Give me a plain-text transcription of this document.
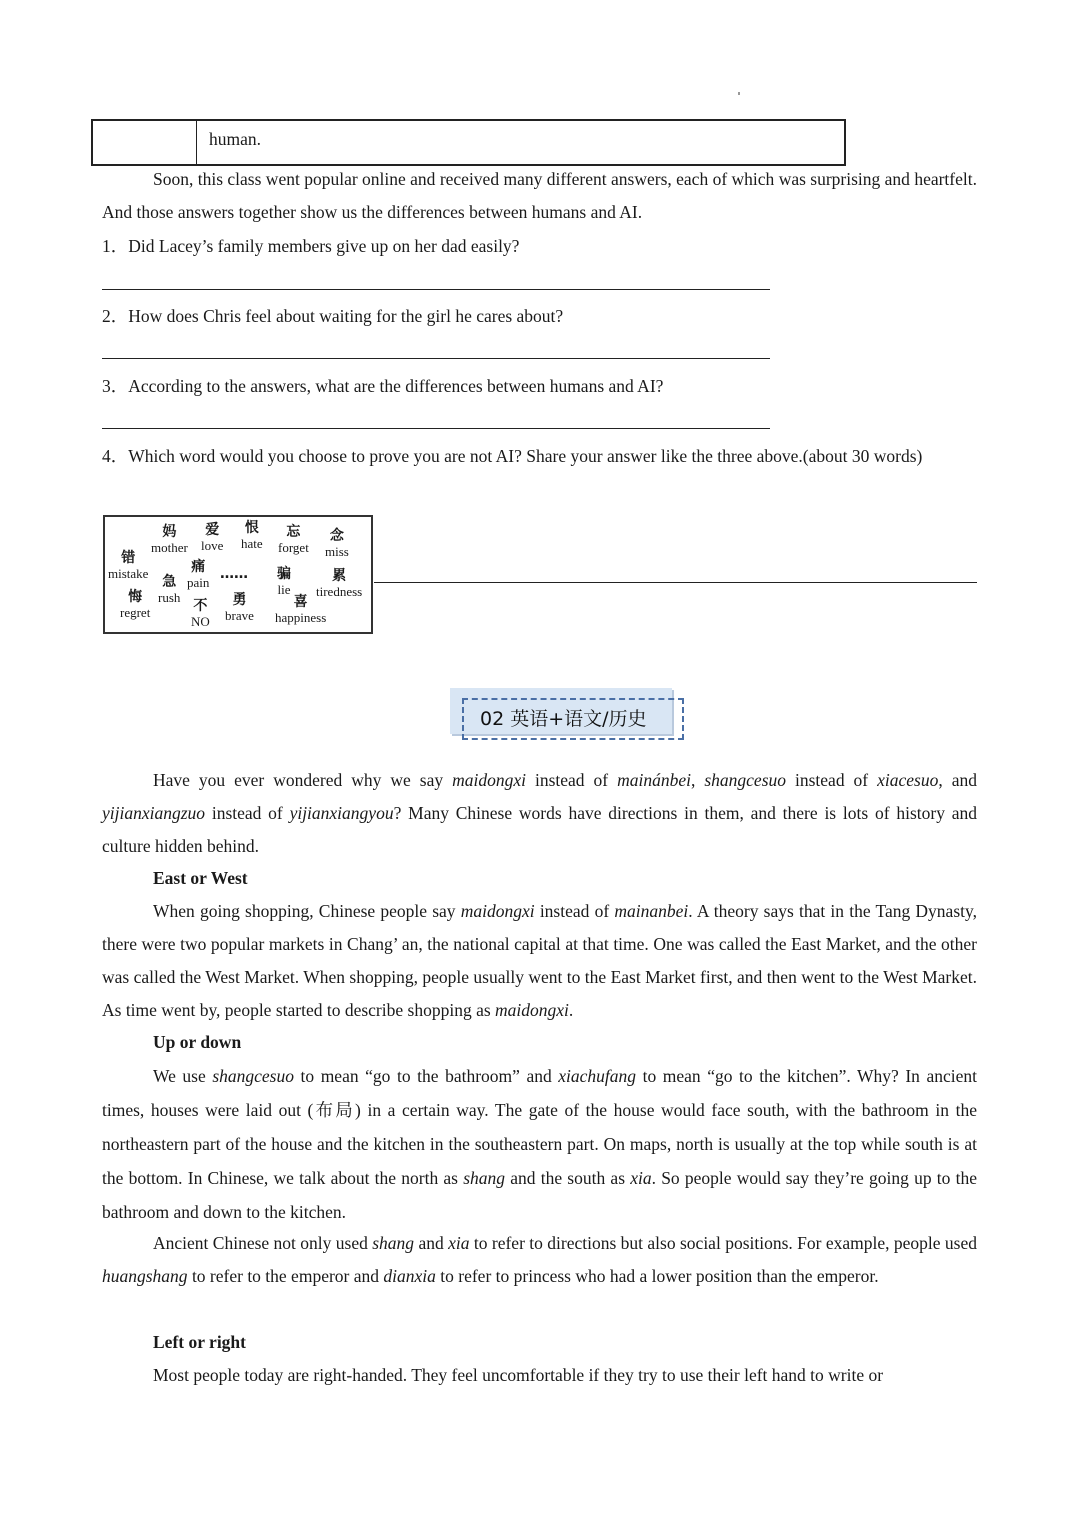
human.

Soon, this class went popular online and received many different answers, each of which was surprising and heartfelt. And those answers together show us the differences between humans and AI.

1．Did Lacey’s family members give up on her dad easily?

2．How does Chris feel about waiting for the girl he cares about?

3．According to the answers, what are the differences between humans and AI?

4．Which word would you choose to prove you are not AI? Share your answer like the three above.(about 30 words)

妈
mother
爱
love
恨
hate
忘
forget
念
miss
错
mistake	痛
pain
急
rush
…… 骗
lie
累
tiredness
悔
regret	不
NO
勇
brave
喜
happiness
02 英语+语文/历史

Have you ever wondered why we say maidongxi instead of mainánbei, shangcesuo instead of xiacesuo, and yijianxiangzuo instead of yijianxiangyou? Many Chinese words have directions in them, and there is lots of history and culture hidden behind.

East or West

When going shopping, Chinese people say maidongxi instead of mainanbei. A theory says that in the Tang Dynasty, there were two popular markets in Chang’ an, the national capital at that time. One was called the East Market, and the other was called the West Market. When shopping, people usually went to the East Market first, and then went to the West Market. As time went by, people started to describe shopping as maidongxi.

Up or down

We use shangcesuo to mean “go to the bathroom” and xiachufang to mean “go to the kitchen”. Why? In ancient times, houses were laid out (布局) in a certain way. The gate of the house would face south, with the bathroom in the northeastern part of the house and the kitchen in the southeastern part. On maps, north is usually at the top while south is at the bottom. In Chinese, we talk about the north as shang and the south as xia. So people would say they’re going up to the bathroom and down to the kitchen.

Ancient Chinese not only used shang and xia to refer to directions but also social positions. For example, people used huangshang to refer to the emperor and dianxia to refer to princess who had a lower position than the emperor.

Left or right

Most people today are right-handed. They feel uncomfortable if they try to use their left hand to write or
